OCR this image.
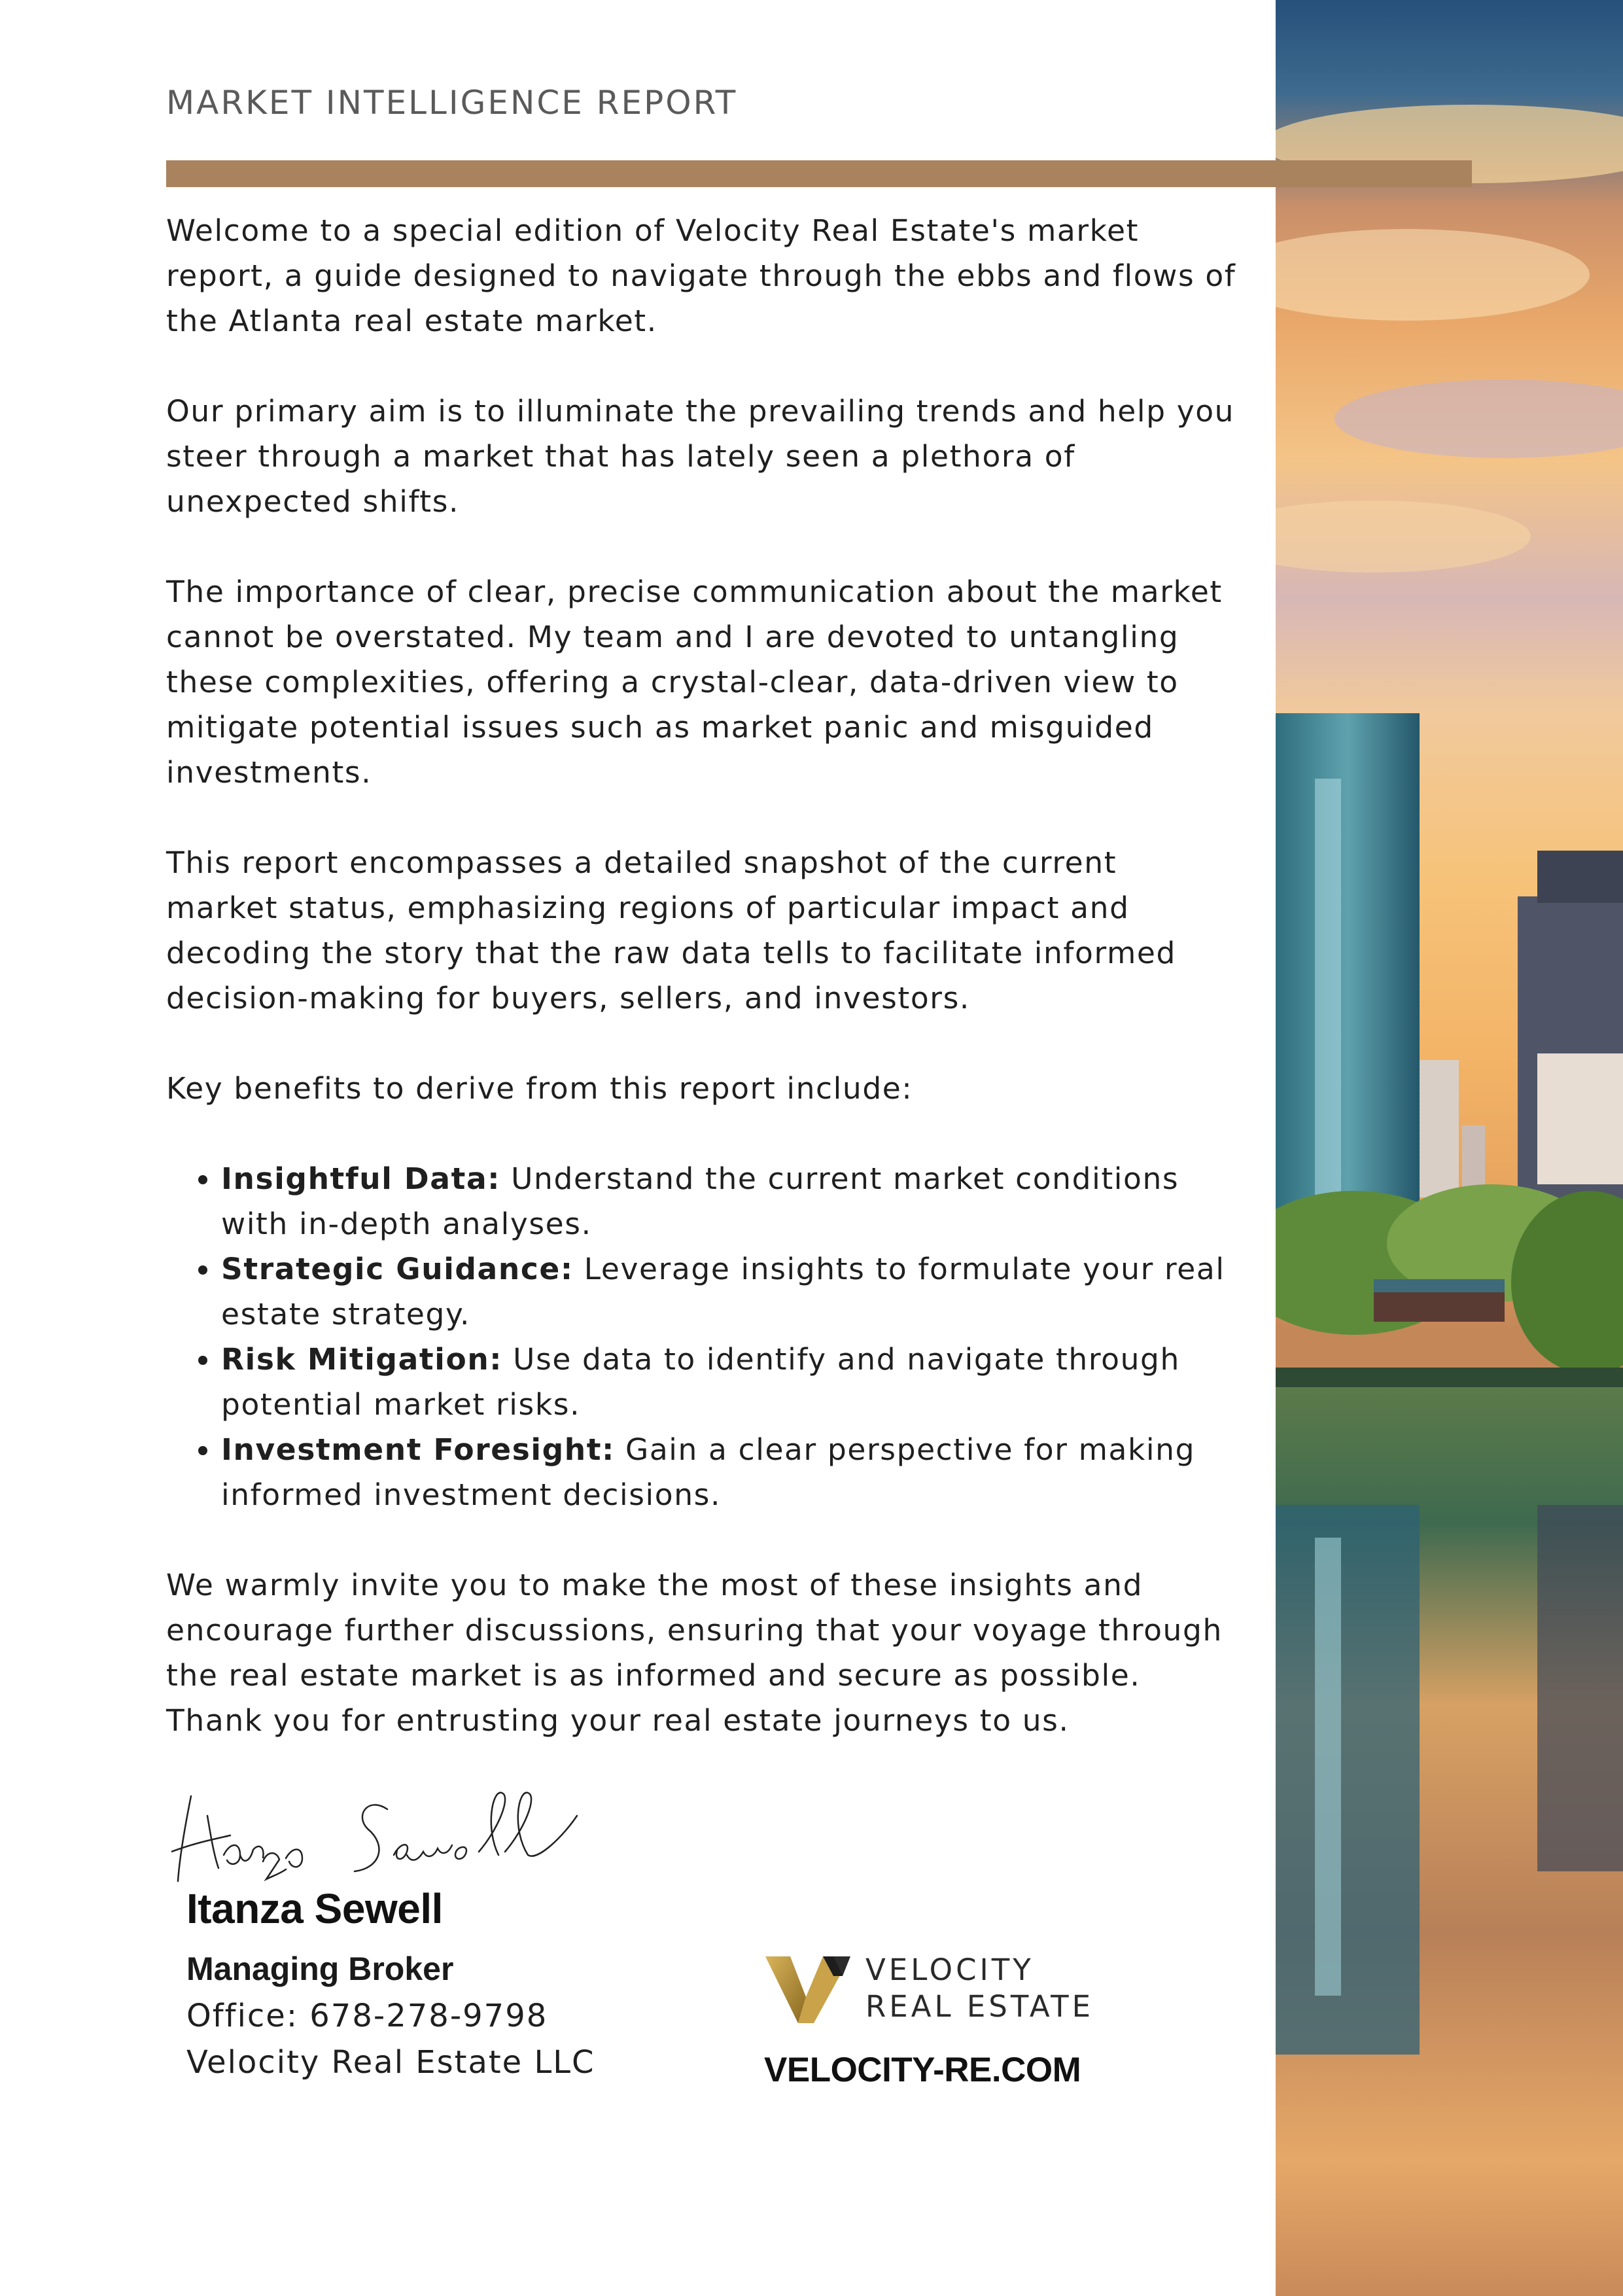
MARKET INTELLIGENCE REPORT

Welcome to a special edition of Velocity Real Estate's market report, a guide designed to navigate through the ebbs and flows of the Atlanta real estate market.

Our primary aim is to illuminate the prevailing trends and help you steer through a market that has lately seen a plethora of unexpected shifts.

The importance of clear, precise communication about the market cannot be overstated. My team and I are devoted to untangling these complexities, offering a crystal-clear, data-driven view to mitigate potential issues such as market panic and misguided investments.

This report encompasses a detailed snapshot of the current market status, emphasizing regions of particular impact and decoding the story that the raw data tells to facilitate informed decision-making for buyers, sellers, and investors.

Key benefits to derive from this report include:

• Insightful Data: Understand the current market conditions with in-depth analyses.
• Strategic Guidance: Leverage insights to formulate your real estate strategy.
• Risk Mitigation: Use data to identify and navigate through potential market risks.
• Investment Foresight: Gain a clear perspective for making informed investment decisions.

We warmly invite you to make the most of these insights and encourage further discussions, ensuring that your voyage through the real estate market is as informed and secure as possible. Thank you for entrusting your real estate journeys to us.

Itanza Sewell
Managing Broker
Office: 678-278-9798
Velocity Real Estate LLC
VELOCITY
REAL ESTATE
VELOCITY-RE.COM
